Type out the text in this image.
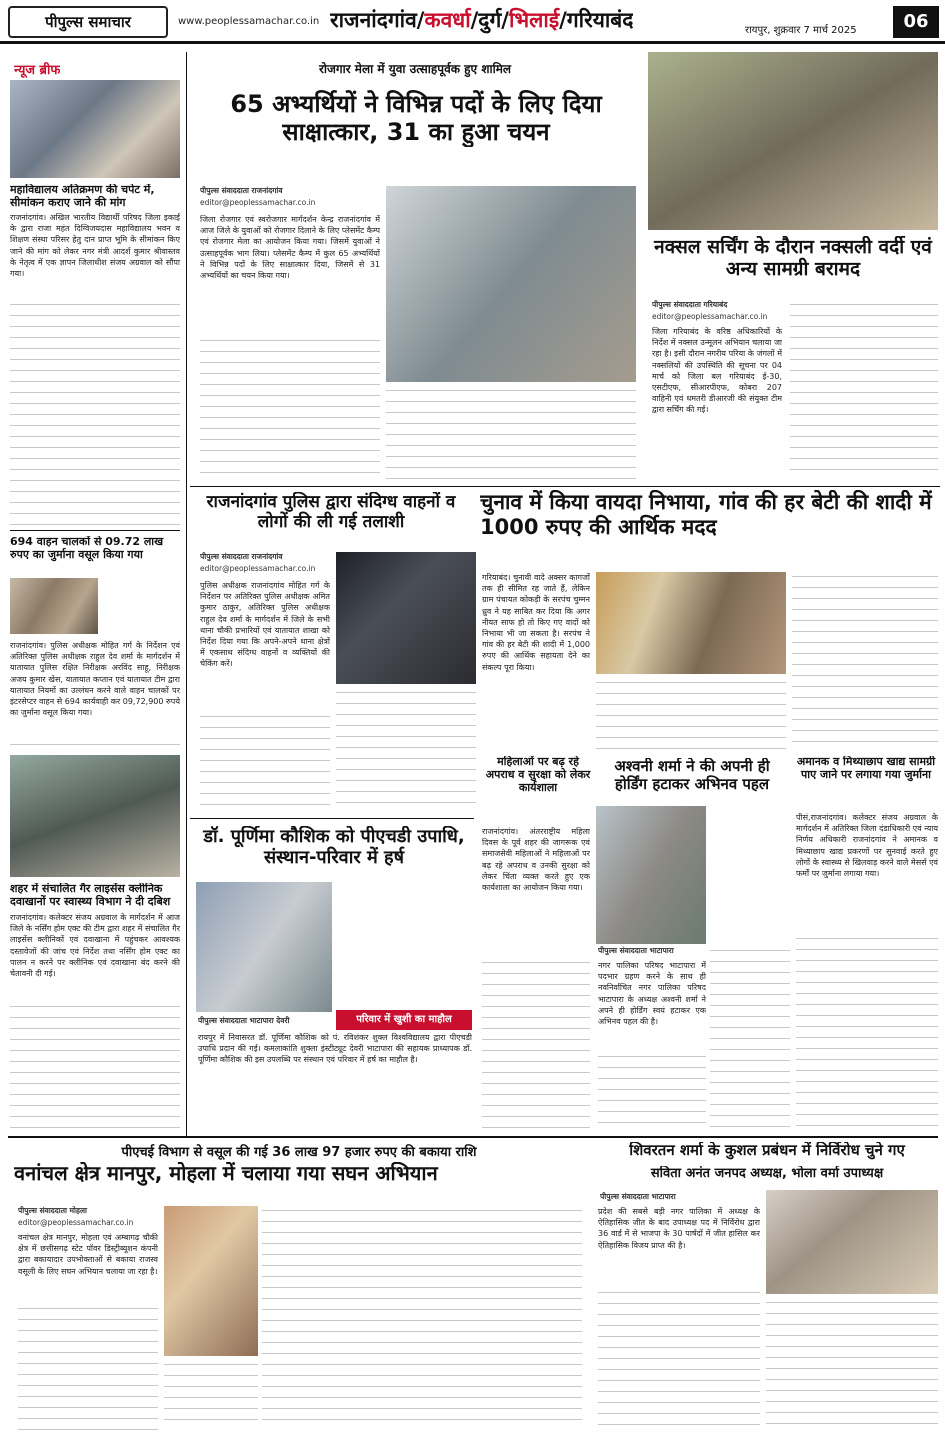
पीपुल्स समाचार	www.peoplessamachar.co.in राजनांदगांव/कवर्धा/दुर्ग/भिलाई/गरियाबंद	रायपुर, शुक्रवार 7 मार्च 2025	06
न्यूज ब्रीफ
महाविद्यालय अतिक्रमण की चपेट में, सीमांकन कराए जाने की मांग
राजनांदगांव। अखिल भारतीय विद्यार्थी परिषद जिला इकाई के द्वारा राजा महंत दिग्विजयदास महाविद्यालय भवन व शिक्षण संस्था परिसर हेतु दान प्राप्त भूमि के सीमांकन किए जाने की मांग को लेकर नगर मंत्री आदर्श कुमार श्रीवास्तव के नेतृत्व में एक ज्ञापन जिलाधीश संजय अग्रवाल को सौंपा गया।
694 वाहन चालकों से 09.72 लाख रुपए का जुर्माना वसूल किया गया
राजनांदगांव। पुलिस अधीक्षक मोहित गर्ग के निर्देशन एवं अतिरिक्त पुलिस अधीक्षक राहुल देव शर्मा के मार्गदर्शन में यातायात पुलिस रक्षित निरीक्षक अरविंद साहू, निरीक्षक अजय कुमार खेस, यातायात कप्तान एवं यातायात टीम द्वारा यातायात नियमों का उल्लंघन करने वाले वाहन चालकों पर इंटरसेप्टर वाहन से 694 कार्यवाही कर 09,72,900 रुपये का जुर्माना वसूल किया गया।
शहर में संचालित गैर लाइसेंस क्लीनिक दवाखानों पर स्वास्थ्य विभाग ने दी दबिश
राजनांदगांव। कलेक्टर संजय अग्रवाल के मार्गदर्शन में आज जिले के नर्सिंग होम एक्ट की टीम द्वारा शहर में संचालित गैर लाइसेंस क्लीनिकों एवं दवाखाना में पहुंचकर आवश्यक दस्तावेजों की जांच एवं निर्देश तथा नर्सिंग होम एक्ट का पालन न करने पर क्लीनिक एवं दवाखाना बंद करने की चेतावनी दी गई।
रोजगार मेला में युवा उत्साहपूर्वक हुए शामिल
65 अभ्यर्थियों ने विभिन्न पदों के लिए दिया साक्षात्कार, 31 का हुआ चयन
पीपुल्स संवाददाता राजनांदगांव
editor@peoplessamachar.co.in
जिला रोजगार एवं स्वरोजगार मार्गदर्शन केन्द्र राजनांदगांव में आज जिले के युवाओं को रोजगार दिलाने के लिए प्लेसमेंट कैम्प एवं रोजगार मेला का आयोजन किया गया। जिसमें युवाओं ने उत्साहपूर्वक भाग लिया। प्लेसमेंट कैम्प में कुल 65 अभ्यर्थियों ने विभिन्न पदों के लिए साक्षात्कार दिया, जिसमें से 31 अभ्यर्थियों का चयन किया गया।
नक्सल सर्चिंग के दौरान नक्सली वर्दी एवं अन्य सामग्री बरामद
पीपुल्स संवाददाता गरियाबंद
editor@peoplessamachar.co.in
जिला गरियाबंद के वरिष्ठ अधिकारियों के निर्देश में नक्सल उन्मूलन अभियान चलाया जा रहा है। इसी दौरान नगरीय परिया के जंगलों में नक्सलियों की उपस्थिति की सूचना पर 04 मार्च को जिला बल गरियाबंद ई-30, एसटीएफ, सीआरपीएफ, कोबरा 207 वाहिनी एवं धमतरी डीआरजी की संयुक्त टीम द्वारा सर्चिंग की गई।
राजनांदगांव पुलिस द्वारा संदिग्ध वाहनों व लोगों की ली गई तलाशी
पीपुल्स संवाददाता राजनांदगांव
editor@peoplessamachar.co.in
पुलिस अधीक्षक राजनांदगांव मोहित गर्ग के निर्देशन पर अतिरिक्त पुलिस अधीक्षक अमित कुमार ठाकुर, अतिरिक्त पुलिस अधीक्षक राहुल देव शर्मा के मार्गदर्शन में जिले के सभी थाना चौकी प्रभारियों एवं यातायात शाखा को निर्देश दिया गया कि अपने-अपने थाना क्षेत्रों में एकसाथ संदिग्ध वाहनों व व्यक्तियों की चेकिंग करें।
चुनाव में किया वायदा निभाया, गांव की हर बेटी की शादी में 1000 रुपए की आर्थिक मदद
गरियाबंद। चुनावी वादे अक्सर कागजों तक ही सीमित रह जाते हैं, लेकिन ग्राम पंचायत कोकड़ी के सरपंच चुम्मन ध्रुव ने यह साबित कर दिया कि अगर नीयत साफ हो तो किए गए वादों को निभाया भी जा सकता है। सरपंच ने गांव की हर बेटी की शादी में 1,000 रुपए की आर्थिक सहायता देने का संकल्प पूरा किया।
डॉ. पूर्णिमा कौशिक को पीएचडी उपाधि, संस्थान-परिवार में हर्ष
परिवार में खुशी का माहौल
पीपुल्स संवाददाता भाटापारा देवरी
रायपुर में निवासरत डॉ. पूर्णिमा कौशिक को पं. रविशंकर शुक्ल विश्वविद्यालय द्वारा पीएचडी उपाधि प्रदान की गई। कमलाकांति शुक्ला इंस्टीट्यूट देवरी भाटापारा की सहायक प्राध्यापक डॉ. पूर्णिमा कौशिक की इस उपलब्धि पर संस्थान एवं परिवार में हर्ष का माहौल है।
महिलाओं पर बढ़ रहे अपराध व सुरक्षा को लेकर कार्यशाला
राजनांदगांव। अंतरराष्ट्रीय महिला दिवस के पूर्व शहर की जागरूक एवं समाजसेवी महिलाओं ने महिलाओं पर बढ़ रहे अपराध व उनकी सुरक्षा को लेकर चिंता व्यक्त करते हुए एक कार्यशाला का आयोजन किया गया।
अश्वनी शर्मा ने की अपनी ही होर्डिंग हटाकर अभिनव पहल
पीपुल्स संवाददाता भाटापारा
नगर पालिका परिषद भाटापारा में पदभार ग्रहण करने के साथ ही नवनिर्वाचित नगर पालिका परिषद भाटापारा के अध्यक्ष अश्वनी शर्मा ने अपने ही होर्डिंग स्वयं हटाकर एक अभिनव पहल की है।
अमानक व मिथ्याछाप खाद्य सामग्री पाए जाने पर लगाया गया जुर्माना
पीसं,राजनांदगांव। कलेक्टर संजय अग्रवाल के मार्गदर्शन में अतिरिक्त जिला दंडाधिकारी एवं न्याय निर्णय अधिकारी राजनांदगांव ने अमानक व मिथ्याछाप खाद्य प्रकरणों पर सुनवाई करते हुए लोगों के स्वास्थ्य से खिलवाड़ करने वाले मेसर्स एवं फर्मों पर जुर्माना लगाया गया।
पीएचई विभाग से वसूल की गई 36 लाख 97 हजार रुपए की बकाया राशि
वनांचल क्षेत्र मानपुर, मोहला में चलाया गया सघन अभियान
पीपुल्स संवाददाता मोहला
editor@peoplessamachar.co.in
वनांचल क्षेत्र मानपुर, मोहला एवं अम्बागढ़ चौकी क्षेत्र में छत्तीसगढ़ स्टेट पॉवर डिस्ट्रीब्यूशन कंपनी द्वारा बकायादार उपभोक्ताओं से बकाया राजस्व वसूली के लिए सघन अभियान चलाया जा रहा है।
शिवरतन शर्मा के कुशल प्रबंधन में निर्विरोध चुने गए
सविता अनंत जनपद अध्यक्ष, भोला वर्मा उपाध्यक्ष
पीपुल्स संवाददाता भाटापारा
प्रदेश की सबसे बड़ी नगर पालिका में अध्यक्ष के ऐतिहासिक जीत के बाद उपाध्यक्ष पद में निर्विरोध द्वारा 36 वार्ड में से भाजपा के 30 पार्षदों में जीत हासिल कर ऐतिहासिक विजय प्राप्त की है।
